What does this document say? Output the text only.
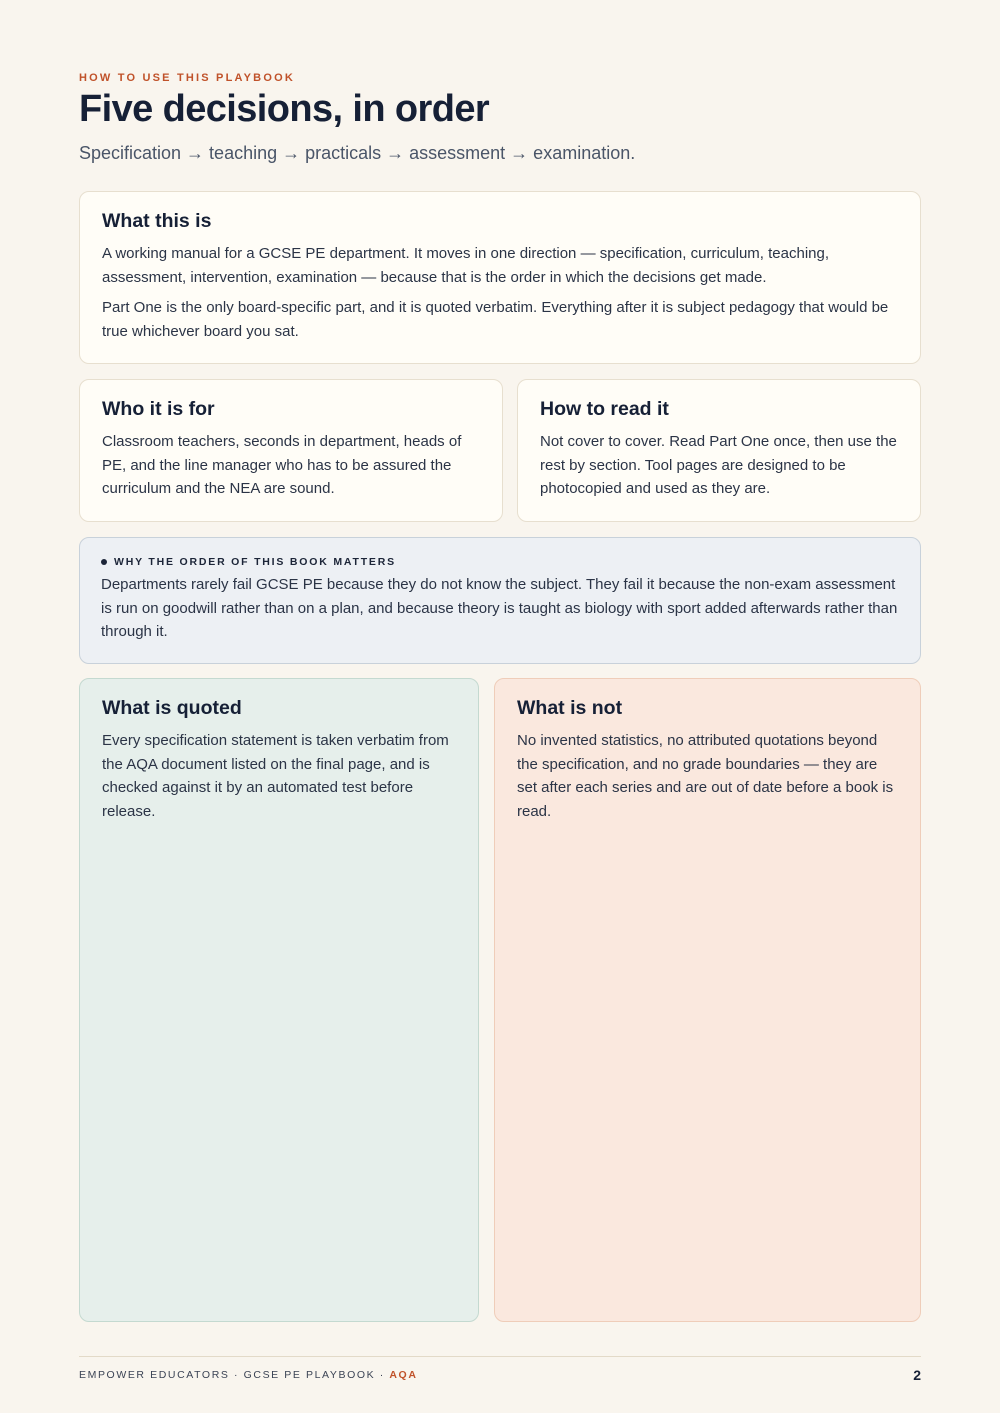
HOW TO USE THIS PLAYBOOK
Five decisions, in order

Specification → teaching → practicals → assessment → examination.

What this is

A working manual for a GCSE PE department. It moves in one direction — specification, curriculum, teaching, assessment, intervention, examination — because that is the order in which the decisions get made.

Part One is the only board-specific part, and it is quoted verbatim. Everything after it is subject pedagogy that would be true whichever board you sat.

Who it is for

Classroom teachers, seconds in department, heads of PE, and the line manager who has to be assured the curriculum and the NEA are sound.

How to read it

Not cover to cover. Read Part One once, then use the rest by section. Tool pages are designed to be photocopied and used as they are.

WHY THE ORDER OF THIS BOOK MATTERS

Departments rarely fail GCSE PE because they do not know the subject. They fail it because the non-exam assessment is run on goodwill rather than on a plan, and because theory is taught as biology with sport added afterwards rather than through it.

What is quoted

Every specification statement is taken verbatim from the AQA document listed on the final page, and is checked against it by an automated test before release.

What is not

No invented statistics, no attributed quotations beyond the specification, and no grade boundaries — they are set after each series and are out of date before a book is read.

EMPOWER EDUCATORS · GCSE PE PLAYBOOK · AQA	2
